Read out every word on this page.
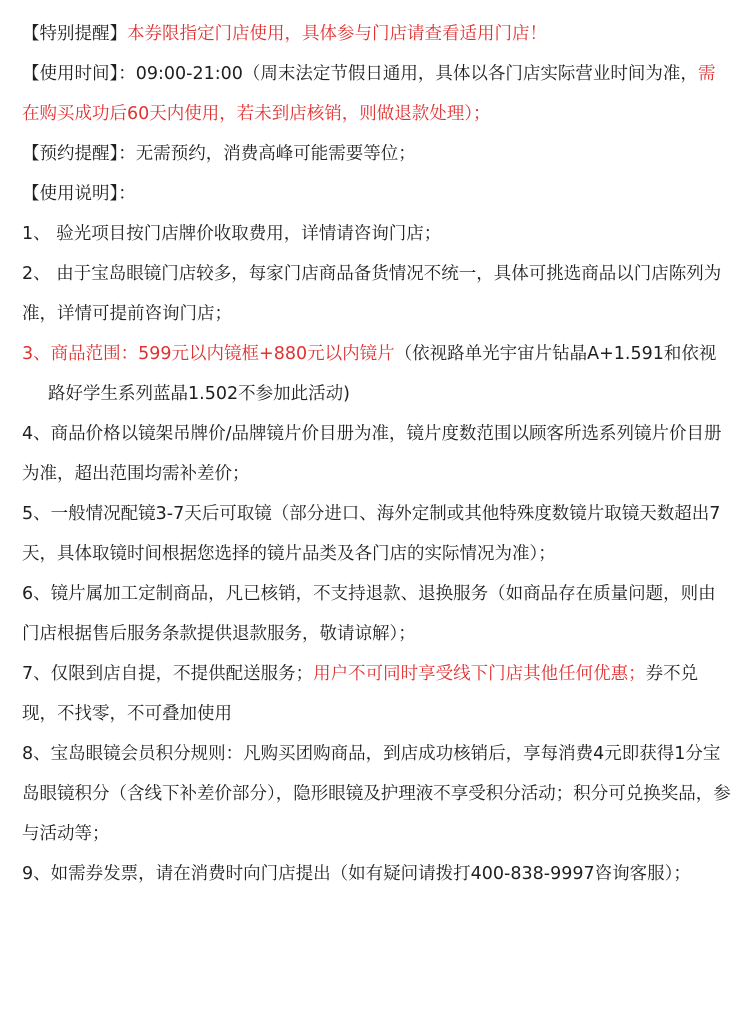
【特别提醒】本券限指定门店使用，具体参与门店请查看适用门店！

【使用时间】：09:00-21:00（周末法定节假日通用，具体以各门店实际营业时间为准，需在购买成功后60天内使用，若未到店核销，则做退款处理）；

【预约提醒】：无需预约，消费高峰可能需要等位；

【使用说明】：

1、 验光项目按门店牌价收取费用，详情请咨询门店；

2、 由于宝岛眼镜门店较多，每家门店商品备货情况不统一，具体可挑选商品以门店陈列为准，详情可提前咨询门店；

3、商品范围：599元以内镜框+880元以内镜片（依视路单光宇宙片钻晶A+1.591和依视路好学生系列蓝晶1.502不参加此活动)

4、商品价格以镜架吊牌价/品牌镜片价目册为准，镜片度数范围以顾客所选系列镜片价目册为准，超出范围均需补差价；

5、一般情况配镜3-7天后可取镜（部分进口、海外定制或其他特殊度数镜片取镜天数超出7天，具体取镜时间根据您选择的镜片品类及各门店的实际情况为准）；

6、镜片属加工定制商品，凡已核销，不支持退款、退换服务（如商品存在质量问题，则由门店根据售后服务条款提供退款服务，敬请谅解）；

7、仅限到店自提，不提供配送服务；用户不可同时享受线下门店其他任何优惠；券不兑现，不找零，不可叠加使用

8、宝岛眼镜会员积分规则：凡购买团购商品，到店成功核销后，享每消费4元即获得1分宝岛眼镜积分（含线下补差价部分），隐形眼镜及护理液不享受积分活动；积分可兑换奖品，参与活动等；

9、如需券发票，请在消费时向门店提出（如有疑问请拨打400-838-9997咨询客服）；
